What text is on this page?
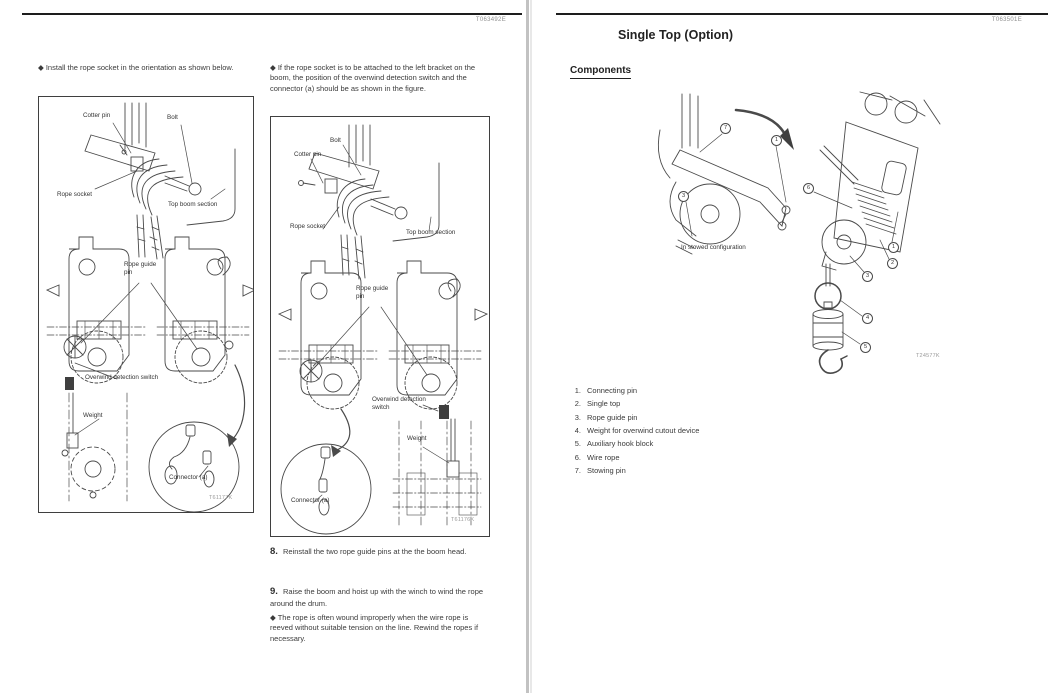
T063492E
◆ Install the rope socket in the orientation as shown below.
Cotter pin	Bolt
Rope socket
Top boom section
Rope guide pin
Overwind detection switch
Weight
Connector (a)
T61177K
◆ If the rope socket is to be attached to the left bracket on the boom, the position of the overwind detection switch and the connector (a) should be as shown in the figure.
Bolt
Cotter pin
Rope socket
Top boom section
Rope guide pin
Overwind detection switch
Weight
Connector (a)
T61176K

8. Reinstall the two rope guide pins at the the boom head.

9. Raise the boom and hoist up with the winch to wind the rope around the drum.

◆ The rope is often wound improperly when the wire rope is reeved without suitable tension on the line. Rewind the ropes if necessary.
T063501E
Single Top (Option)
Components
In stowed configuration
T24577K
7
1
3
6
1
2
3
4
5
1. Connecting pin
2. Single top
3. Rope guide pin
4. Weight for overwind cutout device
5. Auxiliary hook block
6. Wire rope
7. Stowing pin
